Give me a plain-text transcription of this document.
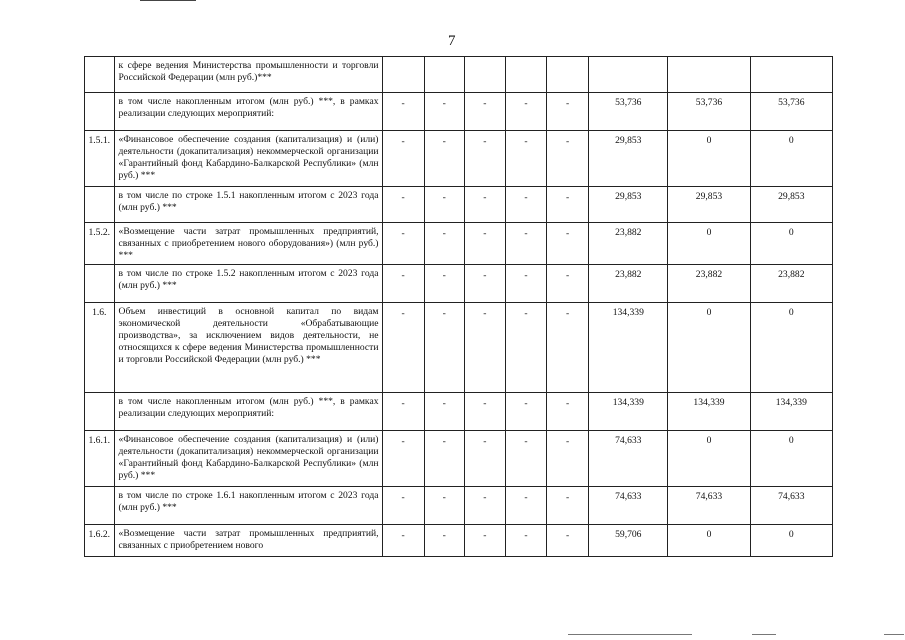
7
	к сфере ведения Министерства промышленности и торговли Российской Федерации (млн руб.)***								
	в том числе накопленным итогом (млн руб.) ***, в рамках реализации следующих мероприятий:	-	-	-	-	-	53,736	53,736	53,736
1.5.1.	«Финансовое обеспечение создания (капитализация) и (или) деятельности (докапитализация) некоммерческой организации «Гарантийный фонд Кабардино-Балкарской Республики» (млн руб.) ***	-	-	-	-	-	29,853	0	0
	в том числе по строке 1.5.1 накопленным итогом с 2023 года (млн руб.) ***	-	-	-	-	-	29,853	29,853	29,853
1.5.2.	«Возмещение части затрат промышленных предприятий, связанных с приобретением нового оборудования») (млн руб.) ***	-	-	-	-	-	23,882	0	0
	в том числе по строке 1.5.2 накопленным итогом с 2023 года (млн руб.) ***	-	-	-	-	-	23,882	23,882	23,882
1.6.	Объем инвестиций в основной капитал по видам экономической деятельности «Обрабатывающие производства», за исключением видов деятельности, не относящихся к сфере ведения Министерства промышленности и торговли Российской Федерации (млн руб.) ***	-	-	-	-	-	134,339	0	0
	в том числе накопленным итогом (млн руб.) ***, в рамках реализации следующих мероприятий:	-	-	-	-	-	134,339	134,339	134,339
1.6.1.	«Финансовое обеспечение создания (капитализация) и (или) деятельности (докапитализация) некоммерческой организации «Гарантийный фонд Кабардино-Балкарской Республики» (млн руб.) ***	-	-	-	-	-	74,633	0	0
	в том числе по строке 1.6.1 накопленным итогом с 2023 года (млн руб.) ***	-	-	-	-	-	74,633	74,633	74,633
1.6.2.	«Возмещение части затрат промышленных предприятий, связанных с приобретением нового	-	-	-	-	-	59,706	0	0
